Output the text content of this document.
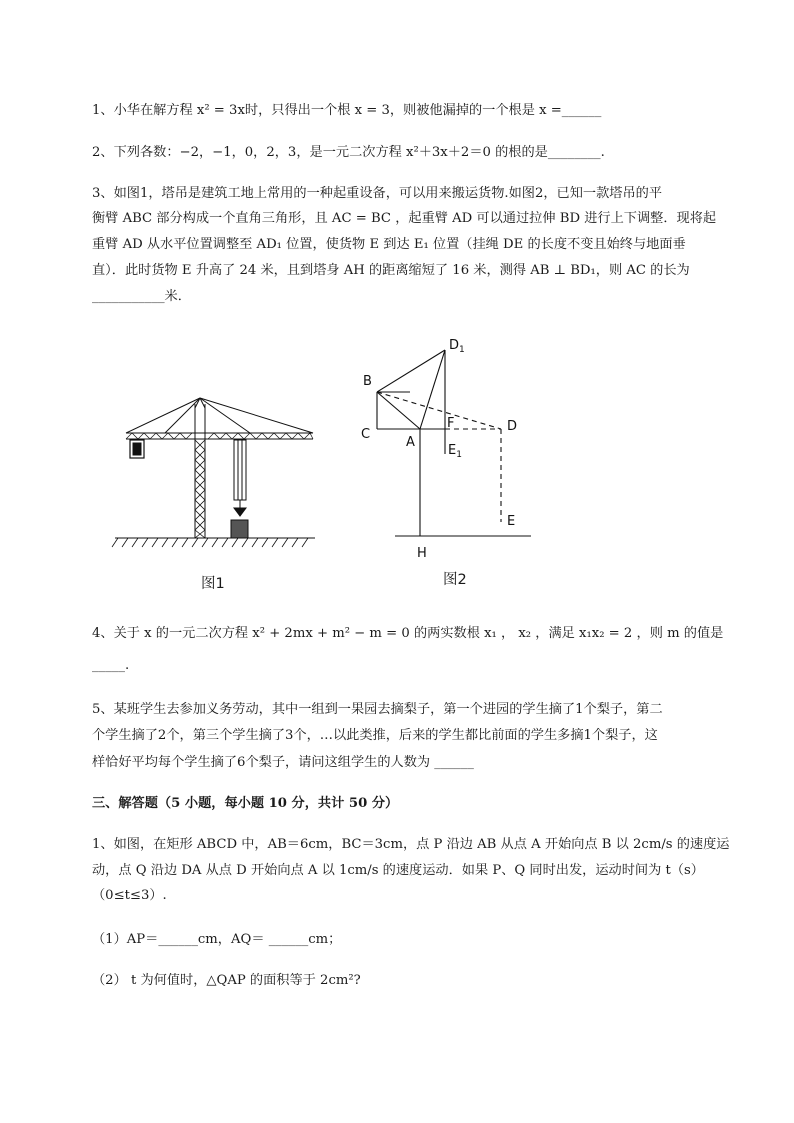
1、小华在解方程 x² = 3x时，只得出一个根 x = 3，则被他漏掉的一个根是 x =______
2、下列各数：−2，−1，0，2，3，是一元二次方程 x²＋3x＋2＝0 的根的是________.
3、如图1，塔吊是建筑工地上常用的一种起重设备，可以用来搬运货物.如图2，已知一款塔吊的平
衡臂 ABC 部分构成一个直角三角形，且 AC = BC ，起重臂 AD 可以通过拉伸 BD 进行上下调整．现将起
重臂 AD 从水平位置调整至 AD₁ 位置，使货物 E 到达 E₁ 位置（挂绳 DE 的长度不变且始终与地面垂
直）．此时货物 E 升高了 24 米，且到塔身 AH 的距离缩短了 16 米，测得 AB ⊥ BD₁，则 AC 的长为
___________米．
图1
$D_1$
B
C
A
F	D
$E_1$
E
H
图2
4、关于 x 的一元二次方程 x² + 2mx + m² − m = 0 的两实数根 x₁ ， x₂ ，满足 x₁x₂ = 2 ，则 m 的值是
_____.
5、某班学生去参加义务劳动，其中一组到一果园去摘梨子，第一个进园的学生摘了1个梨子，第二
个学生摘了2个，第三个学生摘了3个，…以此类推，后来的学生都比前面的学生多摘1个梨子，这
样恰好平均每个学生摘了6个梨子，请问这组学生的人数为 ______
三、解答题（5 小题，每小题 10 分，共计 50 分）
1、如图，在矩形 ABCD 中，AB＝6cm，BC＝3cm，点 P 沿边 AB 从点 A 开始向点 B 以 2cm/s 的速度运
动，点 Q 沿边 DA 从点 D 开始向点 A 以 1cm/s 的速度运动．如果 P、Q 同时出发，运动时间为 t（s）
（0≤t≤3）.
（1）AP＝______cm，AQ＝ ______cm；
（2） t 为何值时，△QAP 的面积等于 2cm²?
